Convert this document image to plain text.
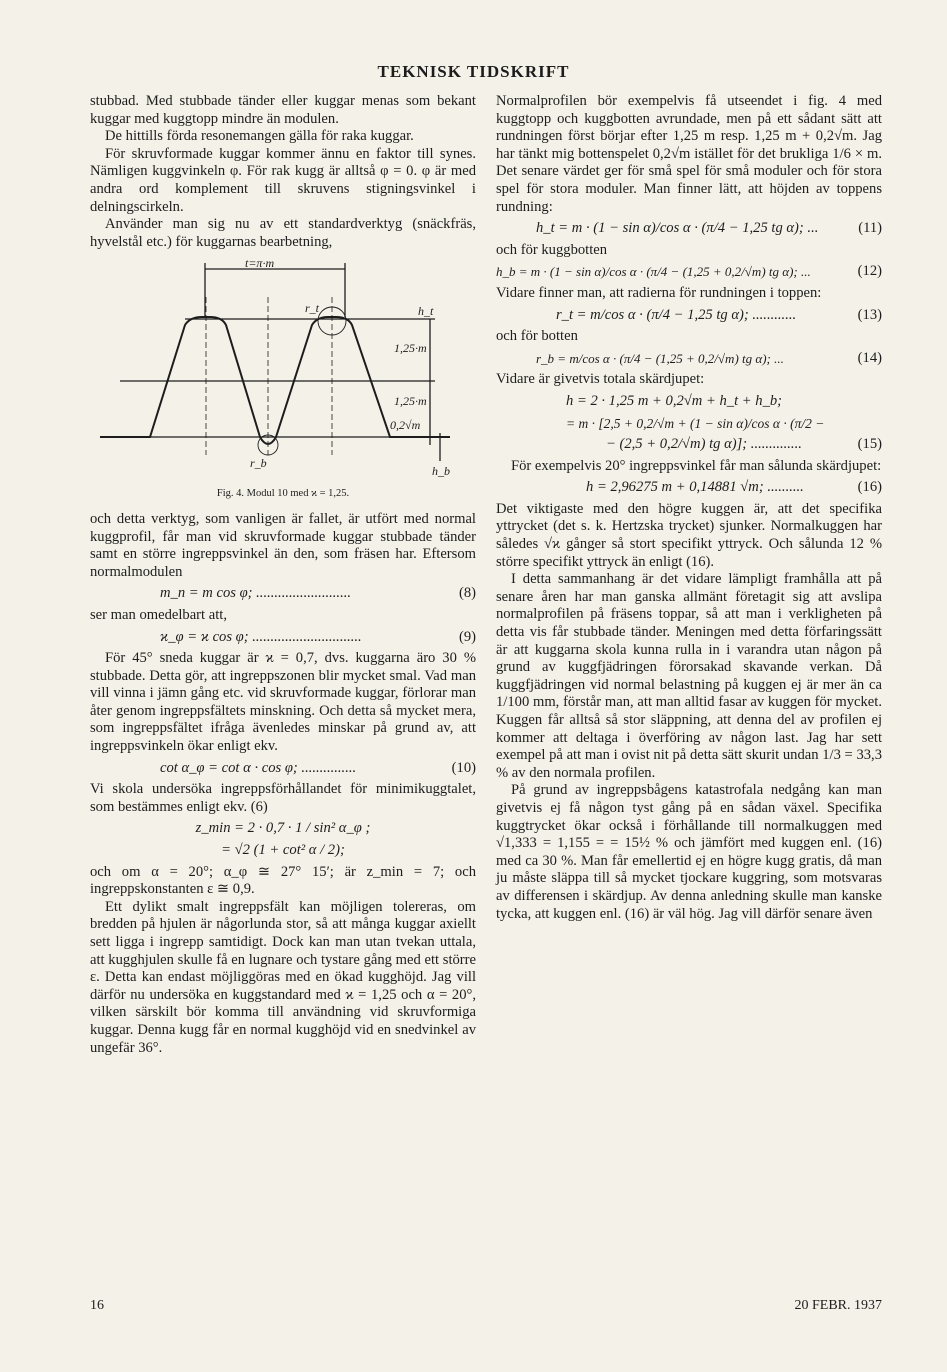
TEKNISK TIDSKRIFT

stubbad. Med stubbade tänder eller kuggar menas som bekant kuggar med kuggtopp mindre än modulen.

De hittills förda resonemangen gälla för raka kuggar.

För skruvformade kuggar kommer ännu en faktor till synes. Nämligen kuggvinkeln φ. För rak kugg är alltså φ = 0. φ är med andra ord komplement till skruvens stigningsvinkel i delningscirkeln.

Använder man sig nu av ett standardverktyg (snäckfräs, hyvelstål etc.) för kuggarnas bearbetning,

t=π·m
r_t
1,25·m
1,25·m
0,2√m
r_b
h_b
h_t
Fig. 4. Modul 10 med ϰ = 1,25.

och detta verktyg, som vanligen är fallet, är utfört med normal kuggprofil, får man vid skruvformade kuggar stubbade tänder samt en större ingreppsvinkel än den, som fräsen har. Eftersom normalmodulen

m_n = m cos φ; ..........................	(8)

ser man omedelbart att,

ϰ_φ = ϰ cos φ; ..............................	(9)

För 45° sneda kuggar är ϰ = 0,7, dvs. kuggarna äro 30 % stubbade. Detta gör, att ingreppszonen blir mycket smal. Vad man vill vinna i jämn gång etc. vid skruvformade kuggar, förlorar man åter genom ingreppsfältets minskning. Och detta så mycket mera, som ingreppsfältet ifråga ävenledes minskar på grund av, att ingreppsvinkeln ökar enligt ekv.

cot α_φ = cot α · cos φ; ...............	(10)

Vi skola undersöka ingreppsförhållandet för minimikuggtalet, som bestämmes enligt ekv. (6)

z_min = 2 · 0,7 · 1 / sin² α_φ ;
= √2 (1 + cot² α / 2);

och om α = 20°; α_φ ≅ 27° 15′; är z_min = 7; och ingreppskonstanten ε ≅ 0,9.

Ett dylikt smalt ingreppsfält kan möjligen tolereras, om bredden på hjulen är någorlunda stor, så att många kuggar axiellt sett ligga i ingrepp samtidigt. Dock kan man utan tvekan uttala, att kugghjulen skulle få en lugnare och tystare gång med ett större ε. Detta kan endast möjliggöras med en ökad kugghöjd. Jag vill därför nu undersöka en kuggstandard med ϰ = 1,25 och α = 20°, vilken särskilt bör komma till användning vid skruvformiga kuggar. Denna kugg får en normal kugghöjd vid en snedvinkel av ungefär 36°.

Normalprofilen bör exempelvis få utseendet i fig. 4 med kuggtopp och kuggbotten avrundade, men på ett sådant sätt att rundningen först börjar efter 1,25 m resp. 1,25 m + 0,2√m. Jag har tänkt mig bottenspelet 0,2√m istället för det brukliga 1/6 × m. Det senare värdet ger för små spel för små moduler och för stora spel för stora moduler. Man finner lätt, att höjden av toppens rundning:

h_t = m · (1 − sin α)/cos α · (π/4 − 1,25 tg α); ...	(11)

och för kuggbotten

h_b = m · (1 − sin α)/cos α · (π/4 − (1,25 + 0,2/√m) tg α); ...	(12)

Vidare finner man, att radierna för rundningen i toppen:

r_t = m/cos α · (π/4 − 1,25 tg α); ............	(13)

och för botten

r_b = m/cos α · (π/4 − (1,25 + 0,2/√m) tg α); ...	(14)

Vidare är givetvis totala skärdjupet:

h = 2 · 1,25 m + 0,2√m + h_t + h_b;
= m · [2,5 + 0,2/√m + (1 − sin α)/cos α · (π/2 −
− (2,5 + 0,2/√m) tg α)]; ..............	(15)

För exempelvis 20° ingreppsvinkel får man sålunda skärdjupet:

h = 2,96275 m + 0,14881 √m; ..........	(16)

Det viktigaste med den högre kuggen är, att det specifika yttrycket (det s. k. Hertzska trycket) sjunker. Normalkuggen har således √ϰ gånger så stort specifikt yttryck. Och sålunda 12 % större specifikt yttryck än enligt (16).

I detta sammanhang är det vidare lämpligt framhålla att på senare åren har man ganska allmänt företagit sig att avslipa normalprofilen på fräsens toppar, så att man i verkligheten på detta vis får stubbade tänder. Meningen med detta förfaringssätt är att kuggarna skola kunna rulla in i varandra utan någon på grund av kuggfjädringen förorsakad skavande verkan. Då kuggfjädringen vid normal belastning på kuggen ej är mer än ca 1/100 mm, förstår man, att man alltid fasar av kuggen för mycket. Kuggen får alltså så stor släppning, att denna del av profilen ej kommer att deltaga i överföring av någon last. Jag har sett exempel på att man i ovist nit på detta sätt skurit undan 1/3 = 33,3 % av den normala profilen.

På grund av ingreppsbågens katastrofala nedgång kan man givetvis ej få någon tyst gång på en sådan växel. Specifika kuggtrycket ökar också i förhållande till normalkuggen med √1,333 = 1,155 = = 15½ % och jämfört med kuggen enl. (16) med ca 30 %. Man får emellertid ej en högre kugg gratis, då man ju måste släppa till så mycket tjockare kuggring, som motsvaras av differensen i skärdjup. Av denna anledning skulle man kanske tycka, att kuggen enl. (16) är väl hög. Jag vill därför senare även

16	20 FEBR. 1937
